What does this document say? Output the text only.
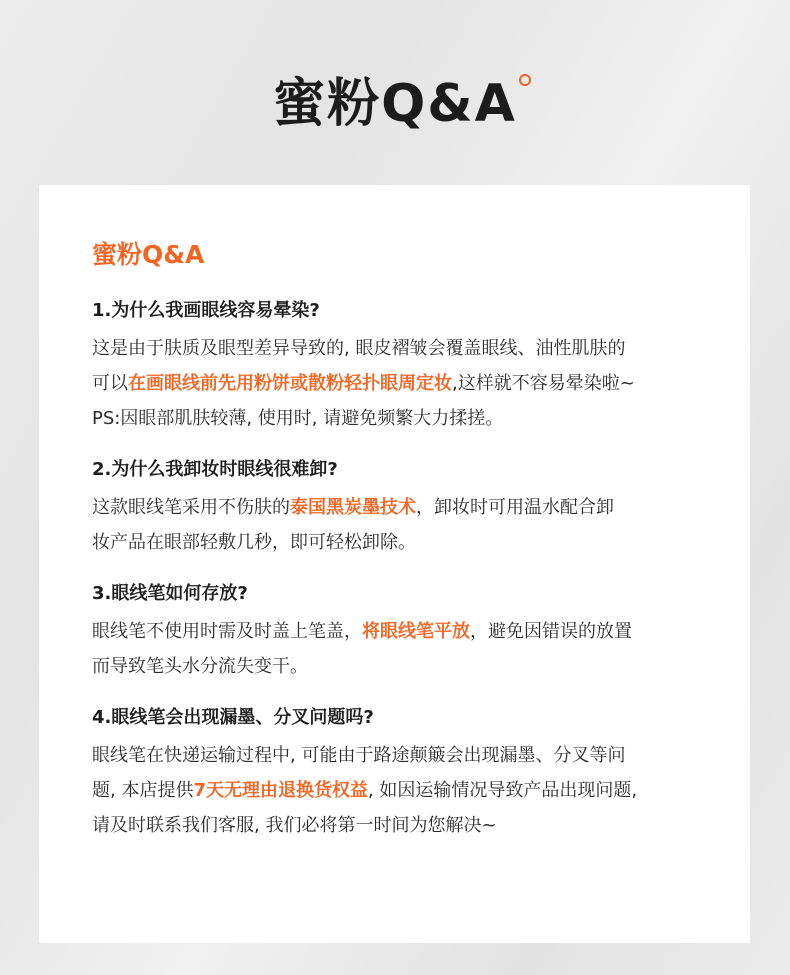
蜜粉Q&A
蜜粉Q&A
1.为什么我画眼线容易晕染?
这是由于肤质及眼型差异导致的, 眼皮褶皱会覆盖眼线、油性肌肤的
可以在画眼线前先用粉饼或散粉轻扑眼周定妆,这样就不容易晕染啦~
PS:因眼部肌肤较薄, 使用时, 请避免频繁大力揉搓。
2.为什么我卸妆时眼线很难卸?
这款眼线笔采用不伤肤的泰国黑炭墨技术，卸妆时可用温水配合卸
妆产品在眼部轻敷几秒，即可轻松卸除。
3.眼线笔如何存放?
眼线笔不使用时需及时盖上笔盖，将眼线笔平放，避免因错误的放置
而导致笔头水分流失变干。
4.眼线笔会出现漏墨、分叉问题吗?
眼线笔在快递运输过程中, 可能由于路途颠簸会出现漏墨、分叉等问
题, 本店提供7天无理由退换货权益, 如因运输情况导致产品出现问题,
请及时联系我们客服, 我们必将第一时间为您解决~
